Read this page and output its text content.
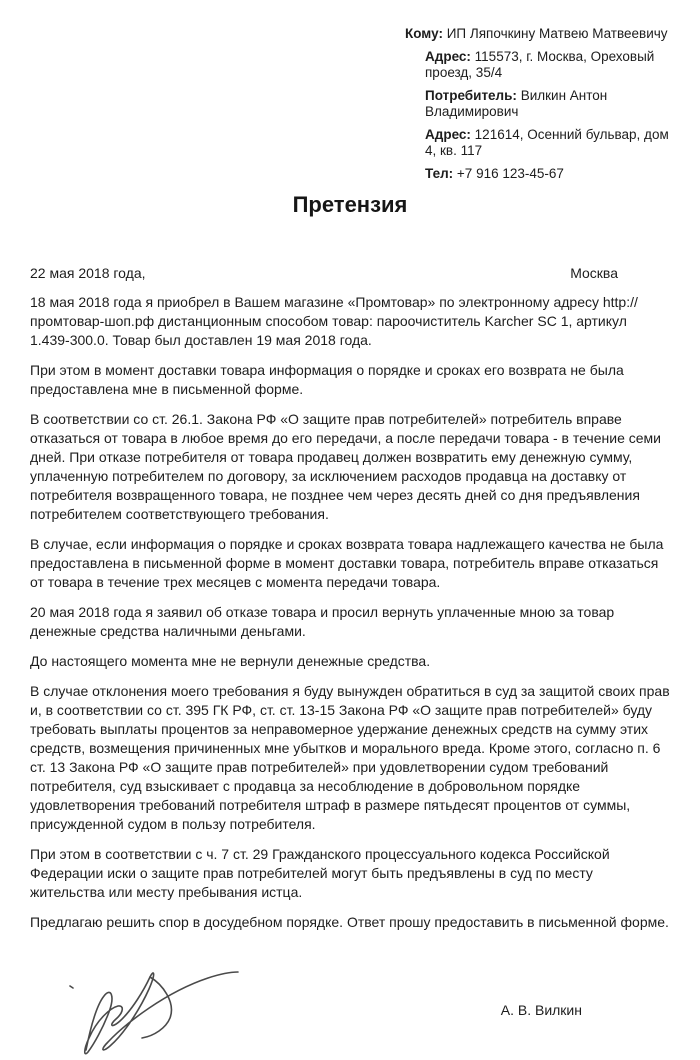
Кому: ИП Ляпочкину Матвею Матвеевичу
Адрес: 115573, г. Москва, Ореховый проезд, 35/4
Потребитель: Вилкин Антон Владимирович
Адрес: 121614, Осенний бульвар, дом 4, кв. 117
Тел: +7 916 123-45-67
Претензия
22 мая 2018 года,	Москва

18 мая 2018 года я приобрел в Вашем магазине «Промтовар» по электронному адресу http://промтовар-шоп.рф дистанционным способом товар: пароочиститель Karcher SC 1, артикул 1.439-300.0. Товар был доставлен 19 мая 2018 года.

При этом в момент доставки товара информация о порядке и сроках его возврата не была предоставлена мне в письменной форме.

В соответствии со ст. 26.1. Закона РФ «О защите прав потребителей» потребитель вправе отказаться от товара в любое время до его передачи, а после передачи товара - в течение семи дней. При отказе потребителя от товара продавец должен возвратить ему денежную сумму, уплаченную потребителем по договору, за исключением расходов продавца на доставку от потребителя возвращенного товара, не позднее чем через десять дней со дня предъявления потребителем соответствующего требования.

В случае, если информация о порядке и сроках возврата товара надлежащего качества не была предоставлена в письменной форме в момент доставки товара, потребитель вправе отказаться от товара в течение трех месяцев с момента передачи товара.

20 мая 2018 года я заявил об отказе товара и просил вернуть уплаченные мною за товар денежные средства наличными деньгами.

До настоящего момента мне не вернули денежные средства.

В случае отклонения моего требования я буду вынужден обратиться в суд за защитой своих прав и, в соответствии со ст. 395 ГК РФ, ст. ст. 13-15 Закона РФ «О защите прав потребителей» буду требовать выплаты процентов за неправомерное удержание денежных средств на сумму этих средств, возмещения причиненных мне убытков и морального вреда. Кроме этого, согласно п. 6 ст. 13 Закона РФ «О защите прав потребителей» при удовлетворении судом требований потребителя, суд взыскивает с продавца за несоблюдение в добровольном порядке удовлетворения требований потребителя штраф в размере пятьдесят процентов от суммы, присужденной судом в пользу потребителя.

При этом в соответствии с ч. 7 ст. 29 Гражданского процессуального кодекса Российской Федерации иски о защите прав потребителей могут быть предъявлены в суд по месту жительства или месту пребывания истца.

Предлагаю решить спор в досудебном порядке. Ответ прошу предоставить в письменной форме.

А. В. Вилкин
